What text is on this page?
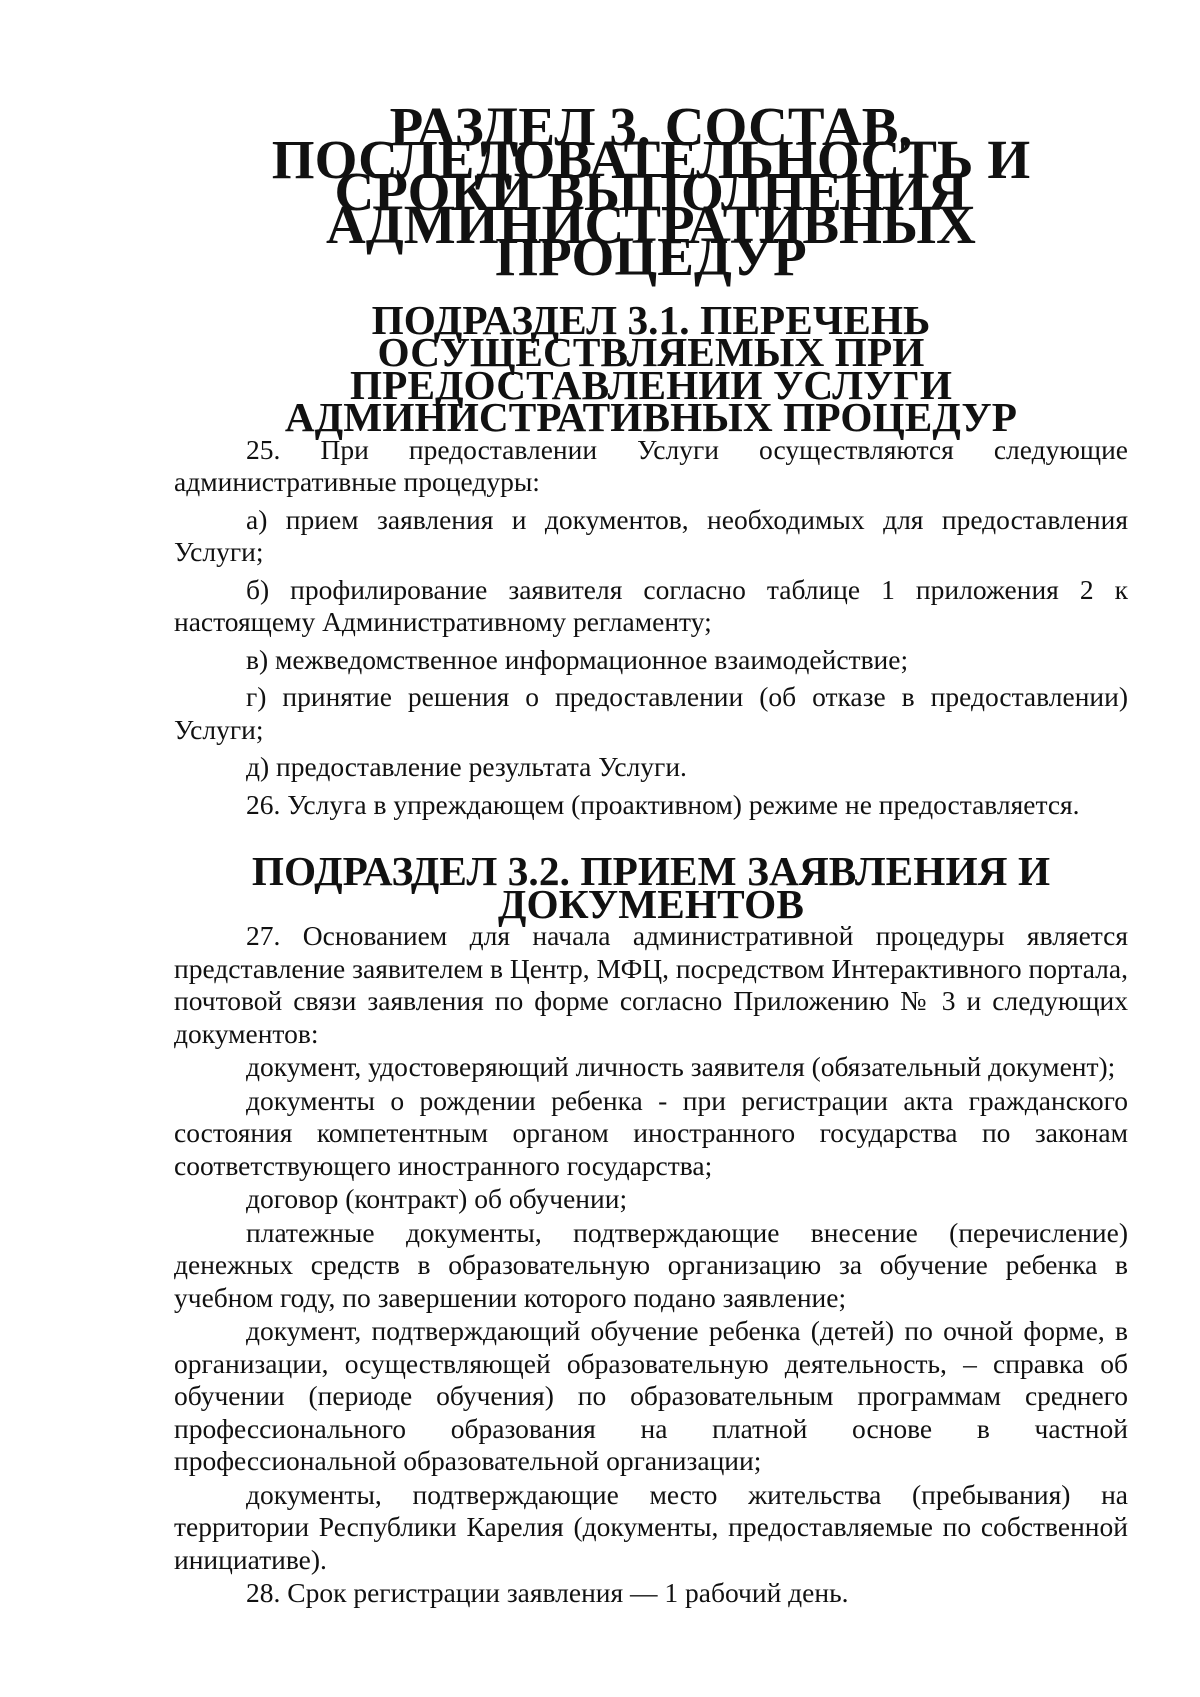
РАЗДЕЛ 3. СОСТАВ, ПОСЛЕДОВАТЕЛЬНОСТЬ И СРОКИ ВЫПОЛНЕНИЯ АДМИНИСТРАТИВНЫХ ПРОЦЕДУР
ПОДРАЗДЕЛ 3.1. ПЕРЕЧЕНЬ ОСУЩЕСТВЛЯЕМЫХ ПРИ ПРЕДОСТАВЛЕНИИ УСЛУГИ АДМИНИСТРАТИВНЫХ ПРОЦЕДУР

25. При предоставлении Услуги осуществляются следующие административные процедуры:

а) прием заявления и документов, необходимых для предоставления Услуги;

б) профилирование заявителя согласно таблице 1 приложения 2 к настоящему Административному регламенту;

в) межведомственное информационное взаимодействие;

г) принятие решения о предоставлении (об отказе в предоставлении) Услуги;

д) предоставление результата Услуги.

26. Услуга в упреждающем (проактивном) режиме не предоставляется.

ПОДРАЗДЕЛ 3.2. ПРИЕМ ЗАЯВЛЕНИЯ И ДОКУМЕНТОВ

27. Основанием для начала административной процедуры является представление заявителем в Центр, МФЦ, посредством Интерактивного портала, почтовой связи заявления по форме согласно Приложению № 3 и следующих документов:

документ, удостоверяющий личность заявителя (обязательный документ);

документы о рождении ребенка - при регистрации акта гражданского состояния компетентным органом иностранного государства по законам соответствующего иностранного государства;

договор (контракт) об обучении;

платежные документы, подтверждающие внесение (перечисление) денежных средств в образовательную организацию за обучение ребенка в учебном году, по завершении которого подано заявление;

документ, подтверждающий обучение ребенка (детей) по очной форме, в организации, осуществляющей образовательную деятельность, – справка об обучении (периоде обучения) по образовательным программам среднего профессионального образования на платной основе в частной профессиональной образовательной организации;

документы, подтверждающие место жительства (пребывания) на территории Республики Карелия (документы, предоставляемые по собственной инициативе).

28. Срок регистрации заявления — 1 рабочий день.
